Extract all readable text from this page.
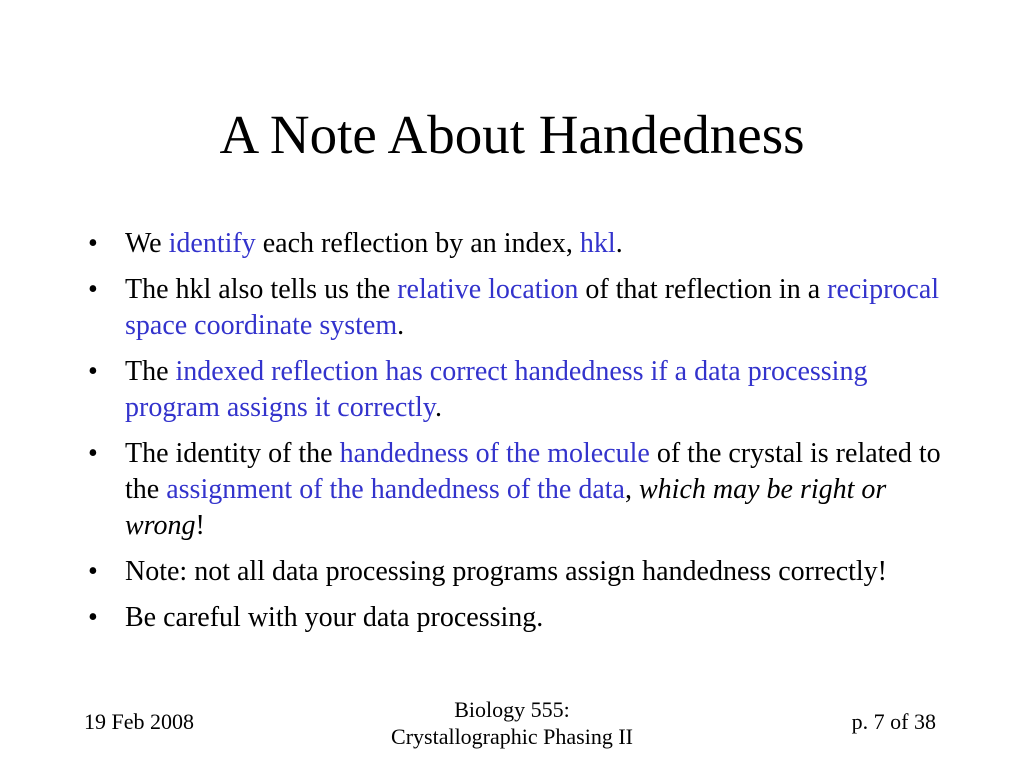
A Note About Handedness
• We identify each reflection by an index, hkl.
• The hkl also tells us the relative location of that reflection in a reciprocal space coordinate system.
• The indexed reflection has correct handedness if a data processing program assigns it correctly.
• The identity of the handedness of the molecule of the crystal is related to the assignment of the handedness of the data, which may be right or wrong!
• Note: not all data processing programs assign handedness correctly!
• Be careful with your data processing.
19 Feb 2008	Biology 555:
Crystallographic Phasing II
p. 7 of 38
